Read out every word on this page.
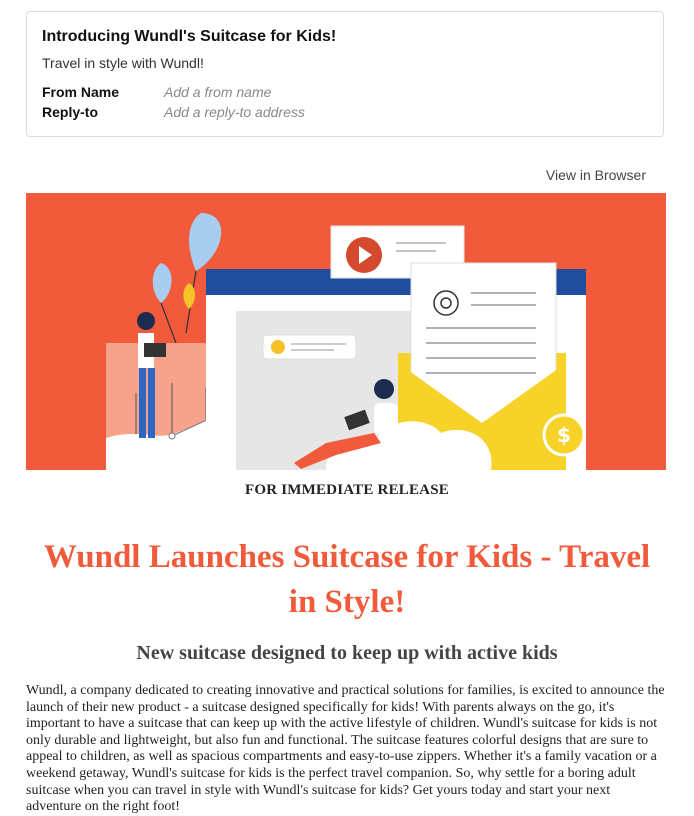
Introducing Wundl's Suitcase for Kids!
Travel in style with Wundl!
From Name	Add a from name
Reply-to	Add a reply-to address
View in Browser
$
FOR IMMEDIATE RELEASE
Wundl Launches Suitcase for Kids - Travel in Style!
New suitcase designed to keep up with active kids

Wundl, a company dedicated to creating innovative and practical solutions for families, is excited to announce the launch of their new product - a suitcase designed specifically for kids! With parents always on the go, it's important to have a suitcase that can keep up with the active lifestyle of children. Wundl's suitcase for kids is not only durable and lightweight, but also fun and functional. The suitcase features colorful designs that are sure to appeal to children, as well as spacious compartments and easy-to-use zippers. Whether it's a family vacation or a weekend getaway, Wundl's suitcase for kids is the perfect travel companion. So, why settle for a boring adult suitcase when you can travel in style with Wundl's suitcase for kids? Get yours today and start your next adventure on the right foot!
